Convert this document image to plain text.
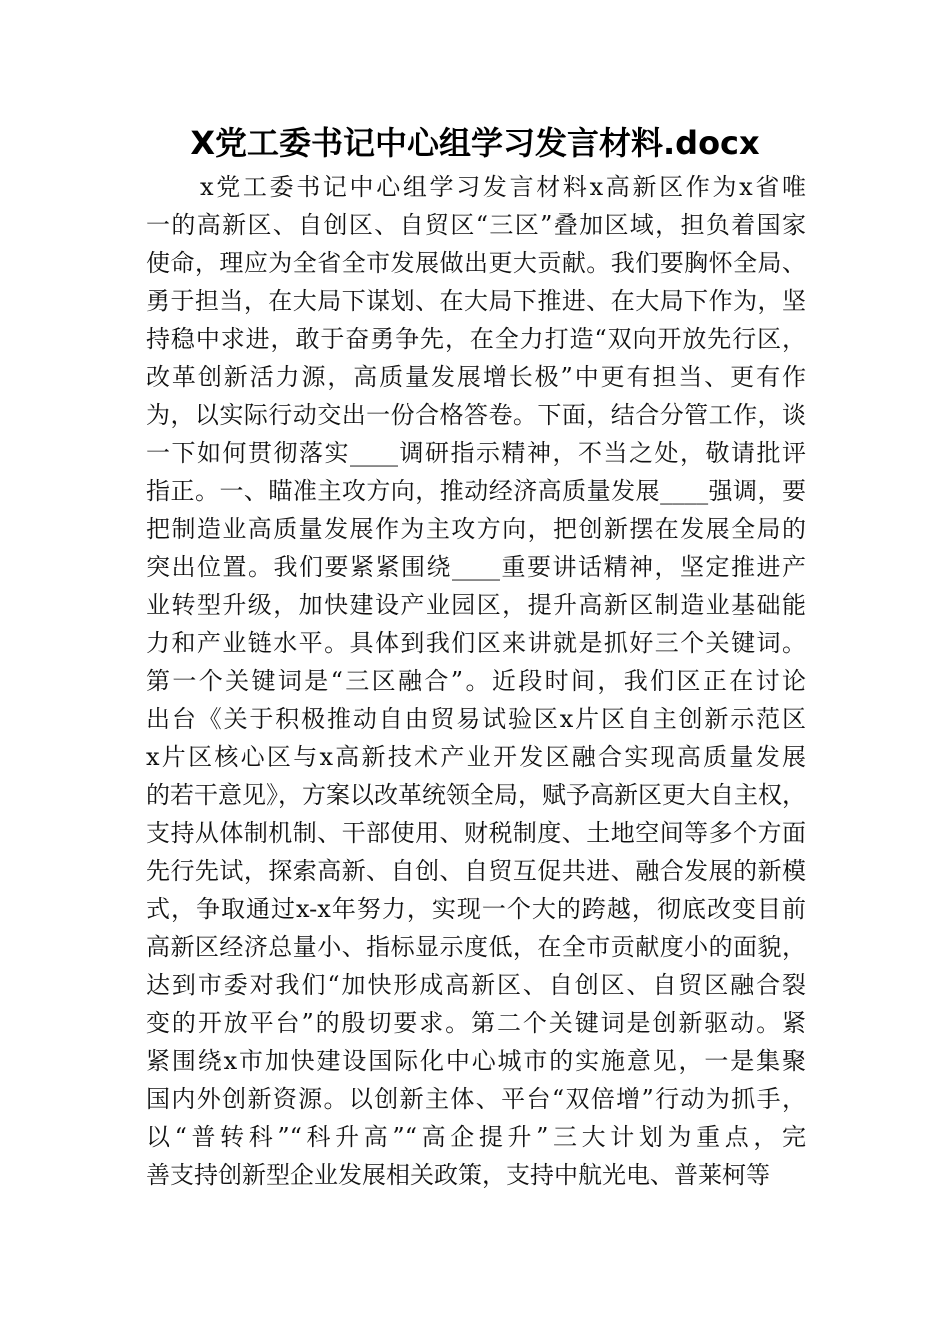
X党工委书记中心组学习发言材料.docx
x党工委书记中心组学习发言材料x高新区作为x省唯
一的高新区、自创区、自贸区“三区”叠加区域，担负着国家
使命，理应为全省全市发展做出更大贡献。我们要胸怀全局、
勇于担当，在大局下谋划、在大局下推进、在大局下作为，坚
持稳中求进，敢于奋勇争先，在全力打造“双向开放先行区，
改革创新活力源，高质量发展增长极”中更有担当、更有作
为，以实际行动交出一份合格答卷。下面，结合分管工作，谈
一下如何贯彻落实____调研指示精神，不当之处，敬请批评
指正。一、瞄准主攻方向，推动经济高质量发展____强调，要
把制造业高质量发展作为主攻方向，把创新摆在发展全局的
突出位置。我们要紧紧围绕____重要讲话精神，坚定推进产
业转型升级，加快建设产业园区，提升高新区制造业基础能
力和产业链水平。具体到我们区来讲就是抓好三个关键词。
第一个关键词是“三区融合”。近段时间，我们区正在讨论
出台《关于积极推动自由贸易试验区x片区自主创新示范区
x片区核心区与x高新技术产业开发区融合实现高质量发展
的若干意见》，方案以改革统领全局，赋予高新区更大自主权，
支持从体制机制、干部使用、财税制度、土地空间等多个方面
先行先试，探索高新、自创、自贸互促共进、融合发展的新模
式，争取通过x-x年努力，实现一个大的跨越，彻底改变目前
高新区经济总量小、指标显示度低，在全市贡献度小的面貌，
达到市委对我们“加快形成高新区、自创区、自贸区融合裂
变的开放平台”的殷切要求。第二个关键词是创新驱动。紧
紧围绕x市加快建设国际化中心城市的实施意见，一是集聚
国内外创新资源。以创新主体、平台“双倍增”行动为抓手，
以“普转科”“科升高”“高企提升”三大计划为重点，完
善支持创新型企业发展相关政策，支持中航光电、普莱柯等
